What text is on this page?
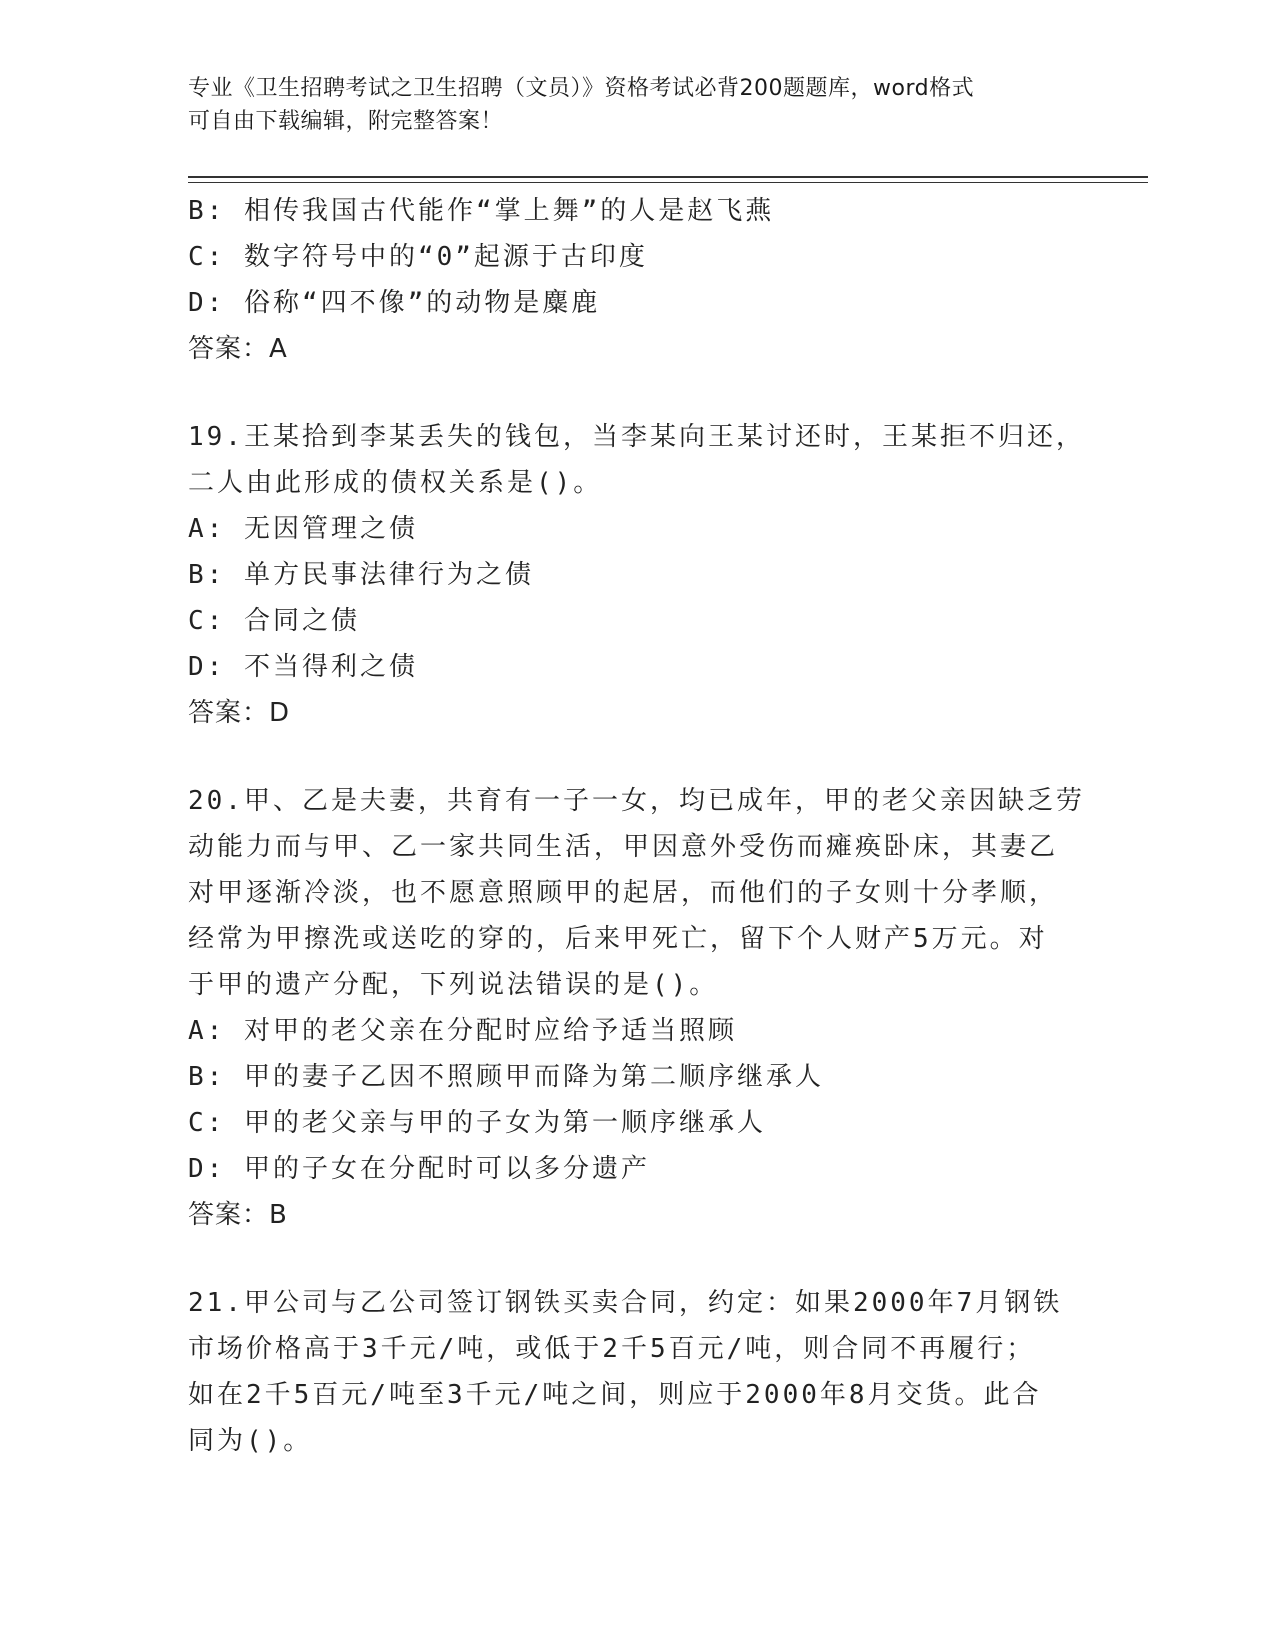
专业《卫生招聘考试之卫生招聘（文员）》资格考试必背200题题库，word格式
可自由下载编辑，附完整答案！
B: 相传我国古代能作“掌上舞”的人是赵飞燕
C: 数字符号中的“0”起源于古印度
D: 俗称“四不像”的动物是麋鹿
答案：A
19.王某拾到李某丢失的钱包，当李某向王某讨还时，王某拒不归还，
二人由此形成的债权关系是()。
A: 无因管理之债
B: 单方民事法律行为之债
C: 合同之债
D: 不当得利之债
答案：D
20.甲、乙是夫妻，共育有一子一女，均已成年，甲的老父亲因缺乏劳
动能力而与甲、乙一家共同生活，甲因意外受伤而瘫痪卧床，其妻乙
对甲逐渐冷淡，也不愿意照顾甲的起居，而他们的子女则十分孝顺，
经常为甲擦洗或送吃的穿的，后来甲死亡，留下个人财产5万元。对
于甲的遗产分配，下列说法错误的是()。
A: 对甲的老父亲在分配时应给予适当照顾
B: 甲的妻子乙因不照顾甲而降为第二顺序继承人
C: 甲的老父亲与甲的子女为第一顺序继承人
D: 甲的子女在分配时可以多分遗产
答案：B
21.甲公司与乙公司签订钢铁买卖合同，约定：如果2000年7月钢铁
市场价格高于3千元/吨，或低于2千5百元/吨，则合同不再履行；
如在2千5百元/吨至3千元/吨之间，则应于2000年8月交货。此合
同为()。
